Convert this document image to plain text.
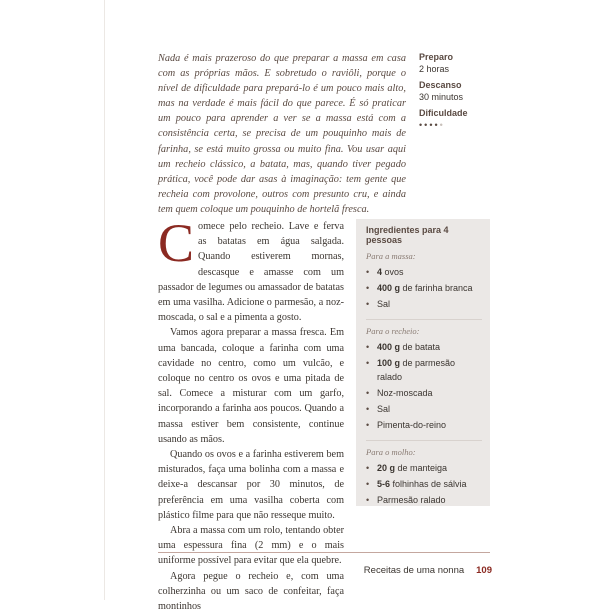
Nada é mais prazeroso do que preparar a massa em casa com as próprias mãos. E sobretudo o raviôli, porque o nível de dificuldade para prepará-lo é um pouco mais alto, mas na verdade é mais fácil do que parece. É só praticar um pouco para aprender a ver se a massa está com a consistência certa, se precisa de um pouquinho mais de farinha, se está muito grossa ou muito fina. Vou usar aqui um recheio clássico, a batata, mas, quando tiver pegado prática, você pode dar asas à imaginação: tem gente que recheia com provolone, outros com presunto cru, e ainda tem quem coloque um pouquinho de hortelã fresca.
Preparo
2 horas
Descanso
30 minutos
Dificuldade
•••••

Comece pelo recheio. Lave e ferva as batatas em água salgada. Quando estiverem mornas, descasque e amasse com um passador de legumes ou amassador de batatas em uma vasilha. Adicione o parmesão, a noz-moscada, o sal e a pimenta a gosto.

Vamos agora preparar a massa fresca. Em uma bancada, coloque a farinha com uma cavidade no centro, como um vulcão, e coloque no centro os ovos e uma pitada de sal. Comece a misturar com um garfo, incorporando a farinha aos poucos. Quando a massa estiver bem consistente, continue usando as mãos.

Quando os ovos e a farinha estiverem bem misturados, faça uma bolinha com a massa e deixe-a descansar por 30 minutos, de preferência em uma vasilha coberta com plástico filme para que não resseque muito.

Abra a massa com um rolo, tentando obter uma espessura fina (2 mm) e o mais uniforme possível para evitar que ela quebre.

Agora pegue o recheio e, com uma colherzinha ou um saco de confeitar, faça montinhos

Ingredientes para 4 pessoas
Para a massa:
• 4 ovos
• 400 g de farinha branca
• Sal
Para o recheio:
• 400 g de batata
• 100 g de parmesão ralado
• Noz-moscada
• Sal
• Pimenta-do-reino
Para o molho:
• 20 g de manteiga
• 5-6 folhinhas de sálvia
• Parmesão ralado
Receitas de uma nonna 109
